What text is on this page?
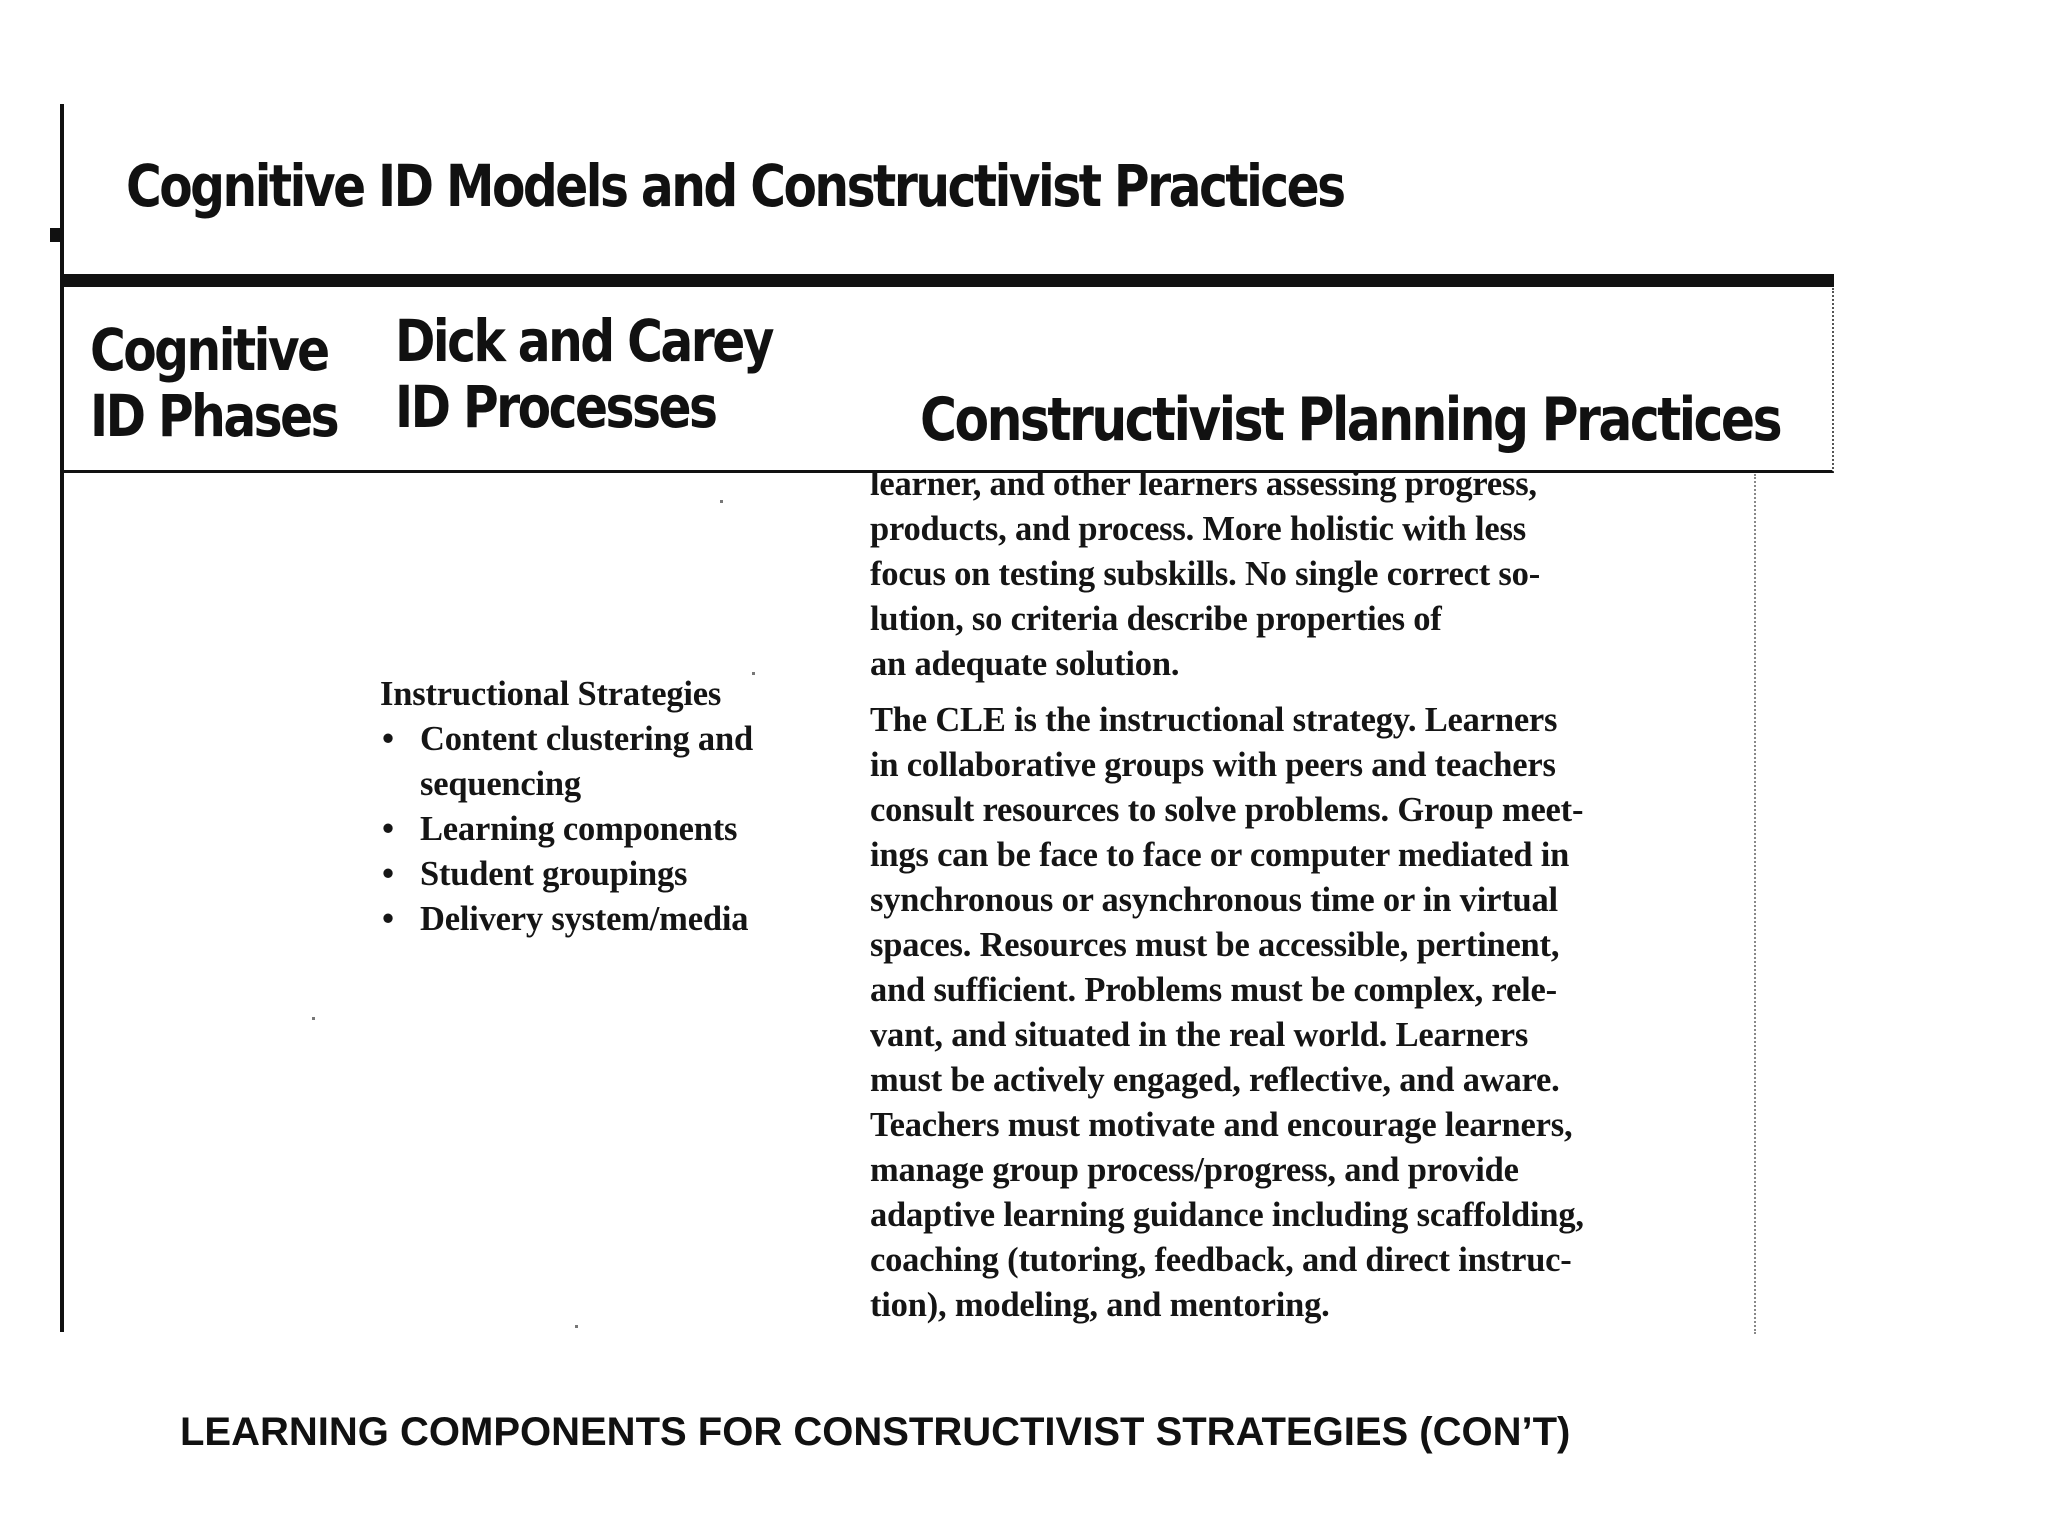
Cognitive ID Models and Constructivist Practices
Cognitive
ID Phases
Dick and Carey
ID Processes	Constructivist Planning Practices
Instructional Strategies
• Content clustering and sequencing
• Learning components
• Student groupings
• Delivery system/media
learner, and other learners assessing progress,
products, and process. More holistic with less
focus on testing subskills. No single correct so-
lution, so criteria describe properties of
an adequate solution.
The CLE is the instructional strategy. Learners
in collaborative groups with peers and teachers
consult resources to solve problems. Group meet-
ings can be face to face or computer mediated in
synchronous or asynchronous time or in virtual
spaces. Resources must be accessible, pertinent,
and sufficient. Problems must be complex, rele-
vant, and situated in the real world. Learners
must be actively engaged, reflective, and aware.
Teachers must motivate and encourage learners,
manage group process/progress, and provide
adaptive learning guidance including scaffolding,
coaching (tutoring, feedback, and direct instruc-
tion), modeling, and mentoring.
LEARNING COMPONENTS FOR CONSTRUCTIVIST STRATEGIES (CON’T)
